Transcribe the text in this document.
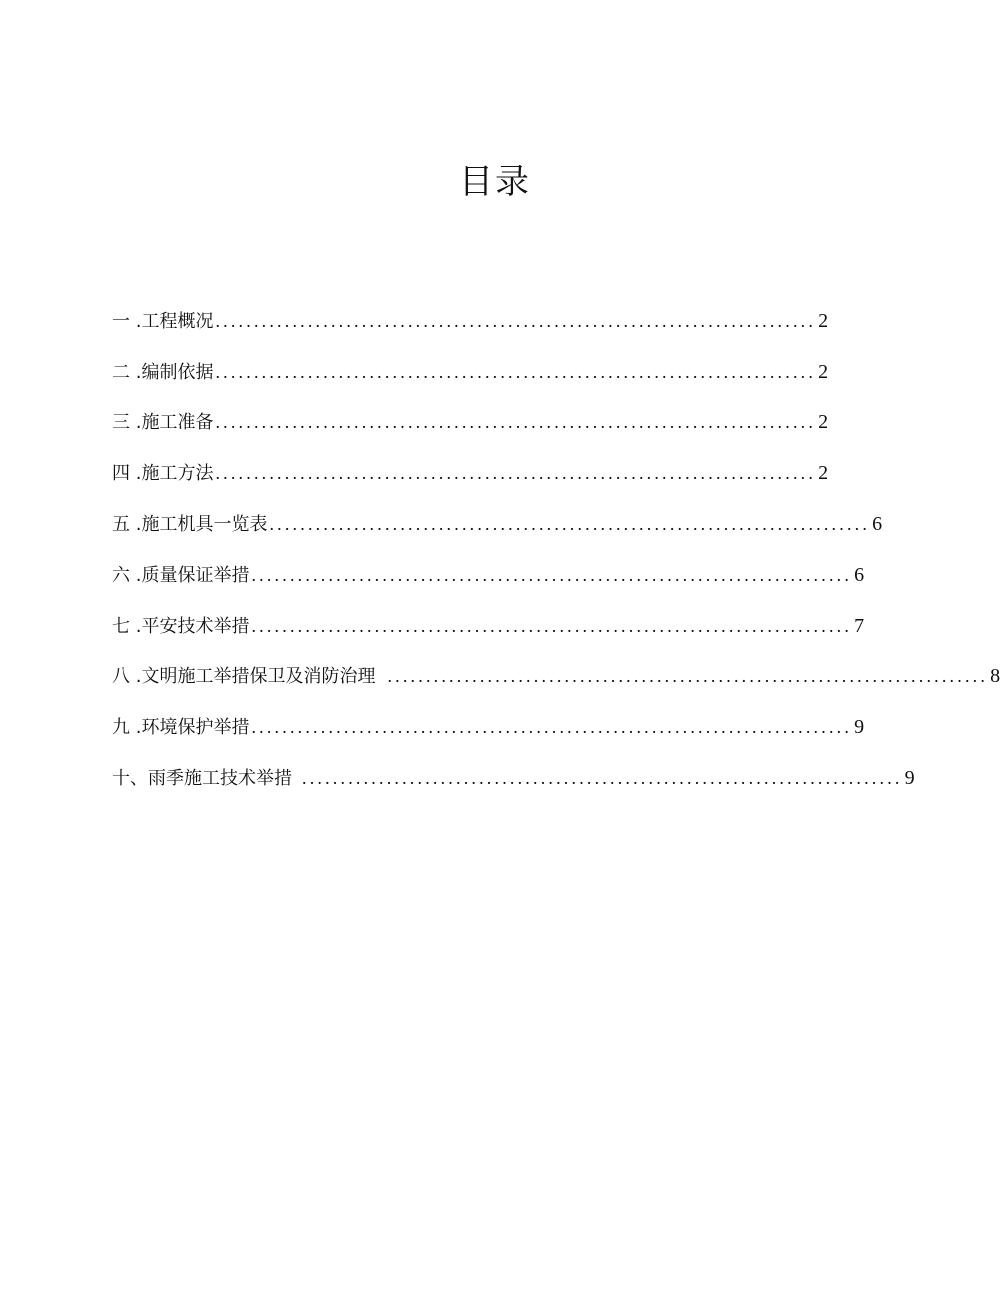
目录
一 .工程概况 .............................................................................. 2
二 .编制依据 .............................................................................. 2
三 .施工准备 .............................................................................. 2
四 .施工方法 .............................................................................. 2
五 .施工机具一览表 .............................................................................. 6
六 .质量保证举措 .............................................................................. 6
七 .平安技术举措 .............................................................................. 7
八 .文明施工举措保卫及消防治理 .............................................................................. 8
九 .环境保护举措 .............................................................................. 9
十、雨季施工技术举措 .............................................................................. 9
